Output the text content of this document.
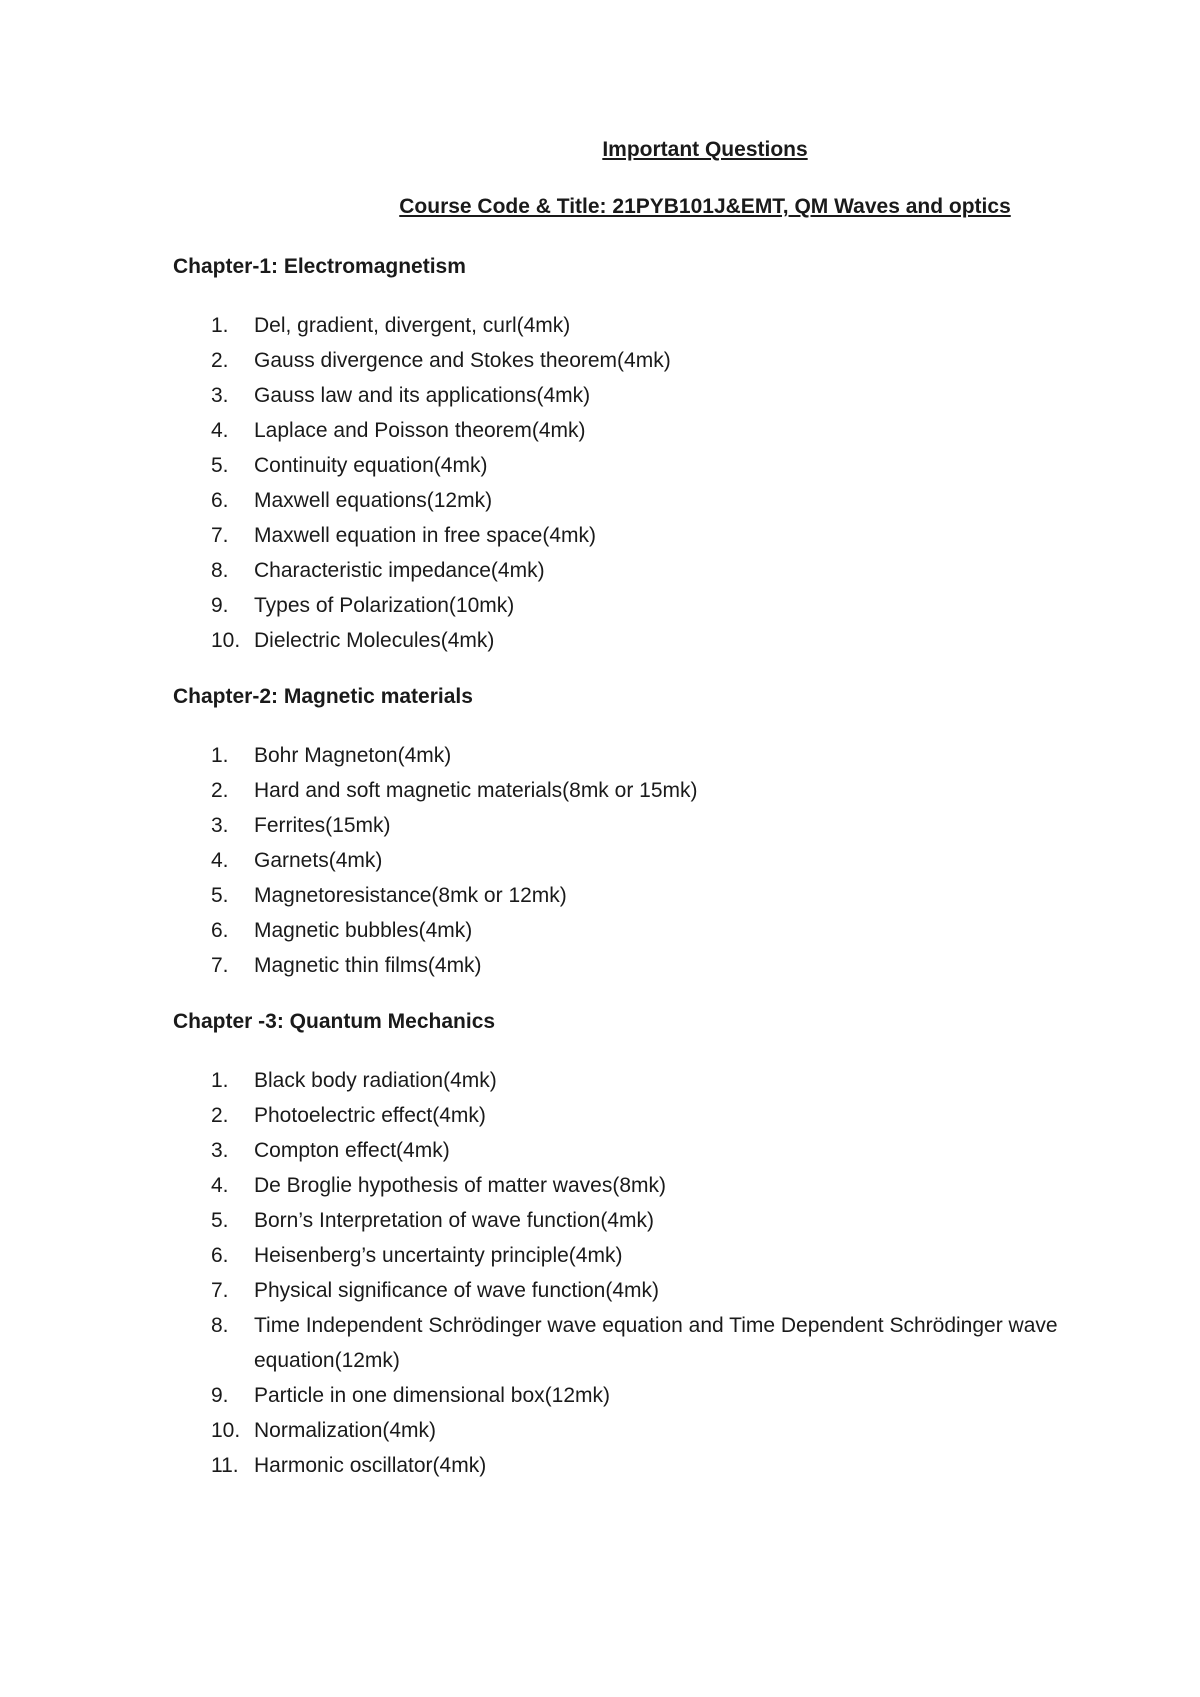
Important Questions
Course Code & Title: 21PYB101J&EMT, QM Waves and optics
Chapter-1: Electromagnetism
1.	Del, gradient, divergent, curl(4mk)
2.	Gauss divergence and Stokes theorem(4mk)
3.	Gauss law and its applications(4mk)
4.	Laplace and Poisson theorem(4mk)
5.	Continuity equation(4mk)
6.	Maxwell equations(12mk)
7.	Maxwell equation in free space(4mk)
8.	Characteristic impedance(4mk)
9.	Types of Polarization(10mk)
10. Dielectric Molecules(4mk)
Chapter-2: Magnetic materials
1.	Bohr Magneton(4mk)
2.	Hard and soft magnetic materials(8mk or 15mk)
3.	Ferrites(15mk)
4.	Garnets(4mk)
5.	Magnetoresistance(8mk or 12mk)
6.	Magnetic bubbles(4mk)
7.	Magnetic thin films(4mk)
Chapter -3: Quantum Mechanics
1.	Black body radiation(4mk)
2.	Photoelectric effect(4mk)
3.	Compton effect(4mk)
4.	De Broglie hypothesis of matter waves(8mk)
5.	Born’s Interpretation of wave function(4mk)
6.	Heisenberg’s uncertainty principle(4mk)
7.	Physical significance of wave function(4mk)
8.	Time Independent Schrödinger wave equation and Time Dependent Schrödinger wave equation(12mk)
9.	Particle in one dimensional box(12mk)
10. Normalization(4mk)
11. Harmonic oscillator(4mk)
